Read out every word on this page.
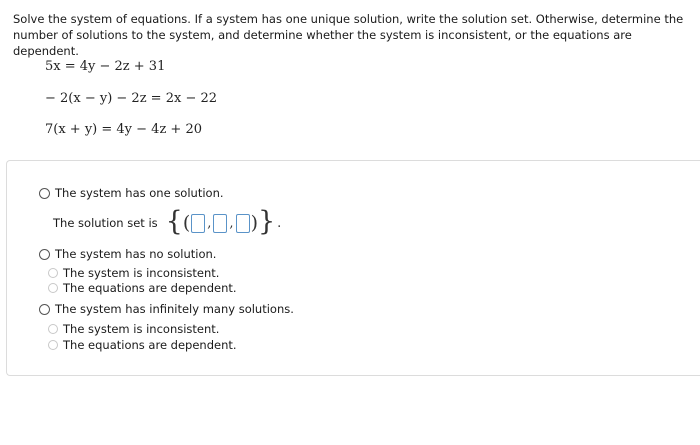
Solve the system of equations. If a system has one unique solution, write the solution set. Otherwise, determine the number of solutions to the system, and determine whether the system is inconsistent, or the equations are dependent.
5x = 4y − 2z + 31
− 2(x − y) − 2z = 2x − 22
7(x + y) = 4y − 4z + 20
The system has one solution.
The solution set is { ( , , ) } .
The system has no solution.
The system is inconsistent.
The equations are dependent.
The system has infinitely many solutions.
The system is inconsistent.
The equations are dependent.
